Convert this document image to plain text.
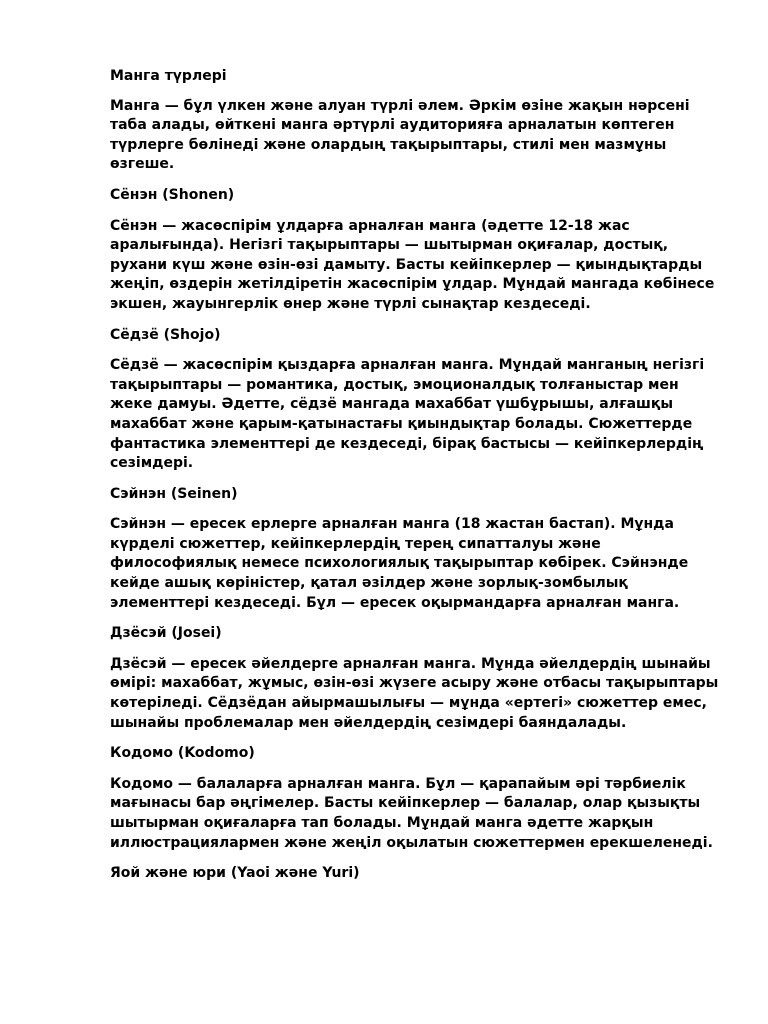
Манга түрлері

Манга — бұл үлкен және алуан түрлі әлем. Әркім өзіне жақын нәрсені таба алады, өйткені манга әртүрлі аудиторияға арналатын көптеген түрлерге бөлінеді және олардың тақырыптары, стилі мен мазмұны өзгеше.

Сёнэн (Shonen)

Сёнэн — жасөспірім ұлдарға арналған манга (әдетте 12-18 жас аралығында). Негізгі тақырыптары — шытырман оқиғалар, достық, рухани күш және өзін-өзі дамыту. Басты кейіпкерлер — қиындықтарды жеңіп, өздерін жетілдіретін жасөспірім ұлдар. Мұндай мангада көбінесе экшен, жауынгерлік өнер және түрлі сынақтар кездеседі.

Сёдзё (Shojo)

Сёдзё — жасөспірім қыздарға арналған манга. Мұндай манганың негізгі тақырыптары — романтика, достық, эмоционалдық толғаныстар мен жеке дамуы. Әдетте, сёдзё мангада махаббат үшбұрышы, алғашқы махаббат және қарым-қатынастағы қиындықтар болады. Сюжеттерде фантастика элементтері де кездеседі, бірақ бастысы — кейіпкерлердің сезімдері.

Сэйнэн (Seinen)

Сэйнэн — ересек ерлерге арналған манга (18 жастан бастап). Мұнда күрделі сюжеттер, кейіпкерлердің терең сипатталуы және философиялық немесе психологиялық тақырыптар көбірек. Сэйнэнде кейде ашық көріністер, қатал әзілдер және зорлық-зомбылық элементтері кездеседі. Бұл — ересек оқырмандарға арналған манга.

Дзёсэй (Josei)

Дзёсэй — ересек әйелдерге арналған манга. Мұнда әйелдердің шынайы өмірі: махаббат, жұмыс, өзін-өзі жүзеге асыру және отбасы тақырыптары көтеріледі. Сёдзёдан айырмашылығы — мұнда «ертегі» сюжеттер емес, шынайы проблемалар мен әйелдердің сезімдері баяндалады.

Кодомо (Kodomo)

Кодомо — балаларға арналған манга. Бұл — қарапайым әрі тәрбиелік мағынасы бар әңгімелер. Басты кейіпкерлер — балалар, олар қызықты шытырман оқиғаларға тап болады. Мұндай манга әдетте жарқын иллюстрациялармен және жеңіл оқылатын сюжеттермен ерекшеленеді.

Яой және юри (Yaoi және Yuri)
